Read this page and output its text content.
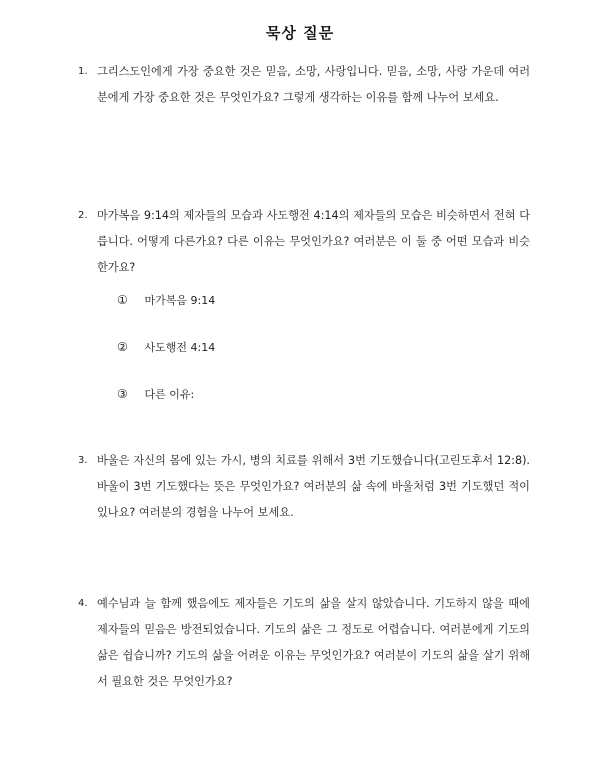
묵상 질문
1. 그리스도인에게 가장 중요한 것은 믿음, 소망, 사랑입니다. 믿음, 소망, 사랑 가운데 여러분에게 가장 중요한 것은 무엇인가요? 그렇게 생각하는 이유를 함께 나누어 보세요.
2. 마가복음 9:14의 제자들의 모습과 사도행전 4:14의 제자들의 모습은 비슷하면서 전혀 다릅니다. 어떻게 다른가요? 다른 이유는 무엇인가요? 여러분은 이 둘 중 어떤 모습과 비슷한가요?
① 마가복음 9:14
② 사도행전 4:14
③ 다른 이유:
3. 바울은 자신의 몸에 있는 가시, 병의 치료를 위해서 3번 기도했습니다(고린도후서 12:8). 바울이 3번 기도했다는 뜻은 무엇인가요? 여러분의 삶 속에 바울처럼 3번 기도했던 적이 있나요? 여러분의 경험을 나누어 보세요.
4. 예수님과 늘 함께 했음에도 제자들은 기도의 삶을 살지 않았습니다. 기도하지 않을 때에 제자들의 믿음은 방전되었습니다. 기도의 삶은 그 정도로 어렵습니다. 여러분에게 기도의 삶은 쉽습니까? 기도의 삶을 어려운 이유는 무엇인가요? 여러분이 기도의 삶을 살기 위해서 필요한 것은 무엇인가요?
